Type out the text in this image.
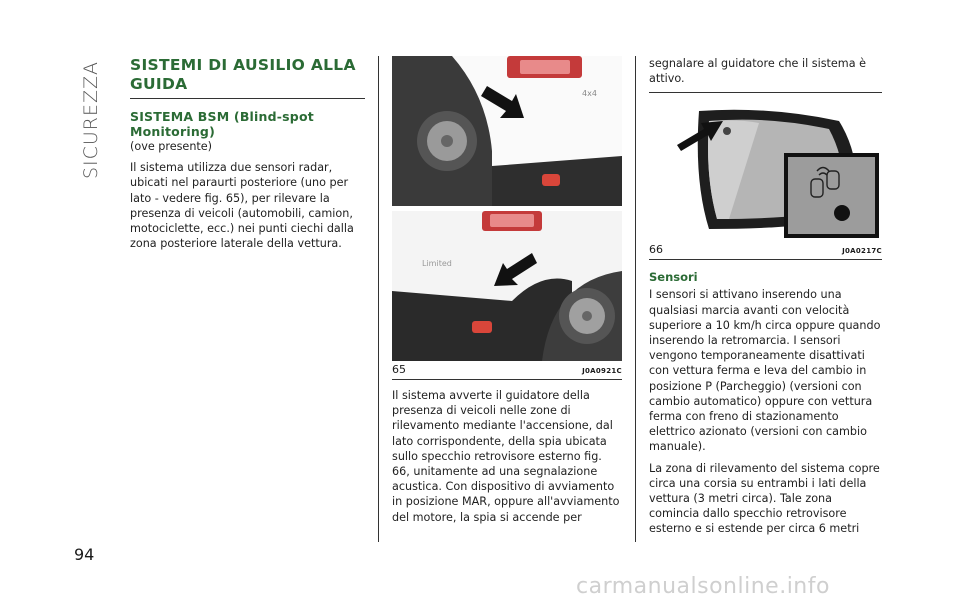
SICUREZZA
94
SISTEMI DI AUSILIO ALLA GUIDA
SISTEMA BSM (Blind-spot Monitoring)

(ove presente)

Il sistema utilizza due sensori radar, ubicati nel paraurti posteriore (uno per lato - vedere fig. 65), per rilevare la presenza di veicoli (automobili, camion, motociclette, ecc.) nei punti ciechi dalla zona posteriore laterale della vettura.

4x4
Limited
65	J0A0921C

Il sistema avverte il guidatore della presenza di veicoli nelle zone di rilevamento mediante l'accensione, dal lato corrispondente, della spia ubicata sullo specchio retrovisore esterno fig. 66, unitamente ad una segnalazione acustica. Con dispositivo di avviamento in posizione MAR, oppure all'avviamento del motore, la spia si accende per

segnalare al guidatore che il sistema è attivo.

66	J0A0217C
Sensori

I sensori si attivano inserendo una qualsiasi marcia avanti con velocità superiore a 10 km/h circa oppure quando inserendo la retromarcia. I sensori vengono temporaneamente disattivati con vettura ferma e leva del cambio in posizione P (Parcheggio) (versioni con cambio automatico) oppure con vettura ferma con freno di stazionamento elettrico azionato (versioni con cambio manuale).

La zona di rilevamento del sistema copre circa una corsia su entrambi i lati della vettura (3 metri circa). Tale zona comincia dallo specchio retrovisore esterno e si estende per circa 6 metri

carmanualsonline.info
